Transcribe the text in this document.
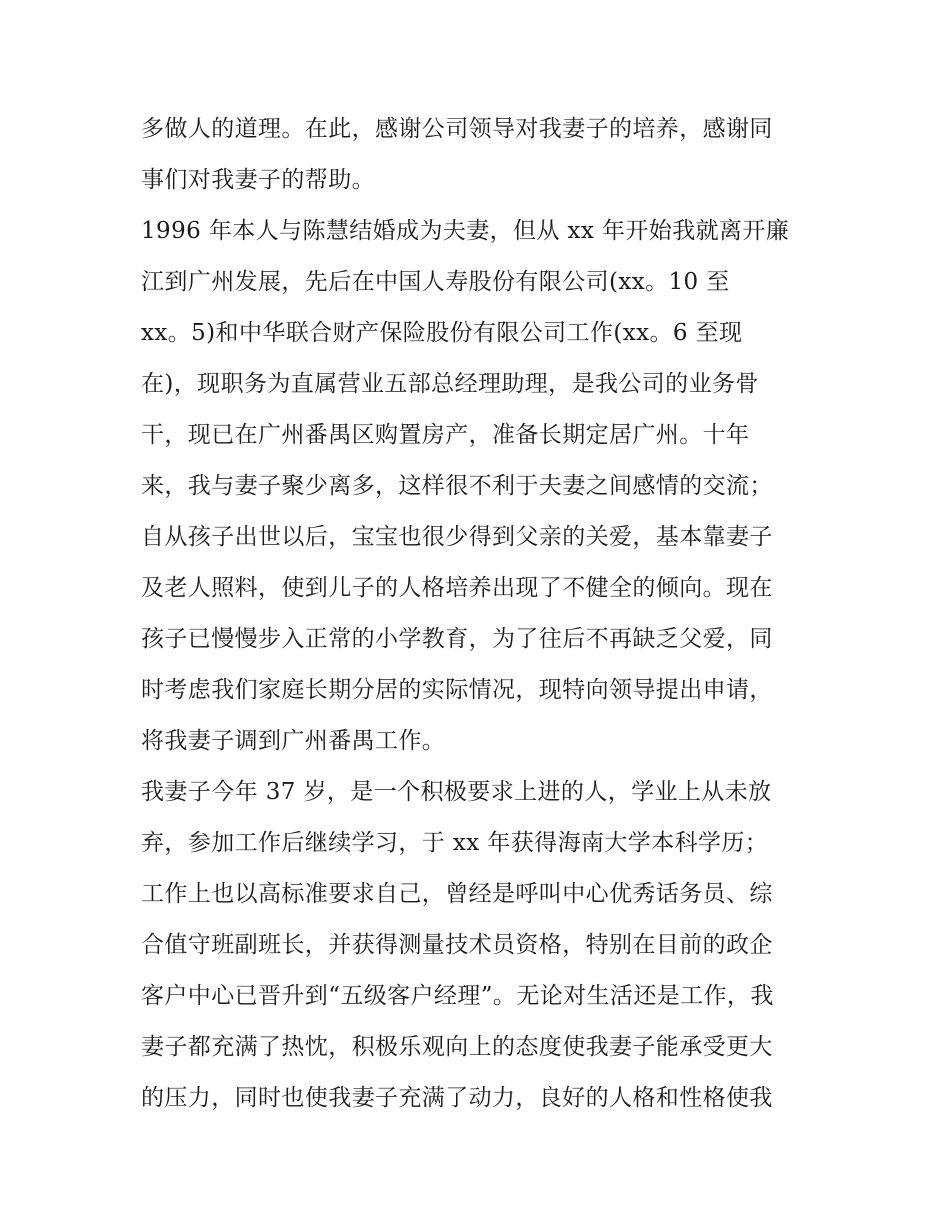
多做人的道理。在此，感谢公司领导对我妻子的培养，感谢同
事们对我妻子的帮助。
1996 年本人与陈慧结婚成为夫妻，但从 xx 年开始我就离开廉
江到广州发展，先后在中国人寿股份有限公司(xx。10 至
xx。5)和中华联合财产保险股份有限公司工作(xx。6 至现
在)，现职务为直属营业五部总经理助理，是我公司的业务骨
干，现已在广州番禺区购置房产，准备长期定居广州。十年
来，我与妻子聚少离多，这样很不利于夫妻之间感情的交流；
自从孩子出世以后，宝宝也很少得到父亲的关爱，基本靠妻子
及老人照料，使到儿子的人格培养出现了不健全的倾向。现在
孩子已慢慢步入正常的小学教育，为了往后不再缺乏父爱，同
时考虑我们家庭长期分居的实际情况，现特向领导提出申请，
将我妻子调到广州番禺工作。
我妻子今年 37 岁，是一个积极要求上进的人，学业上从未放
弃，参加工作后继续学习，于 xx 年获得海南大学本科学历；
工作上也以高标准要求自己，曾经是呼叫中心优秀话务员、综
合值守班副班长，并获得测量技术员资格，特别在目前的政企
客户中心已晋升到“五级客户经理”。无论对生活还是工作，我
妻子都充满了热忱，积极乐观向上的态度使我妻子能承受更大
的压力，同时也使我妻子充满了动力，良好的人格和性格使我
